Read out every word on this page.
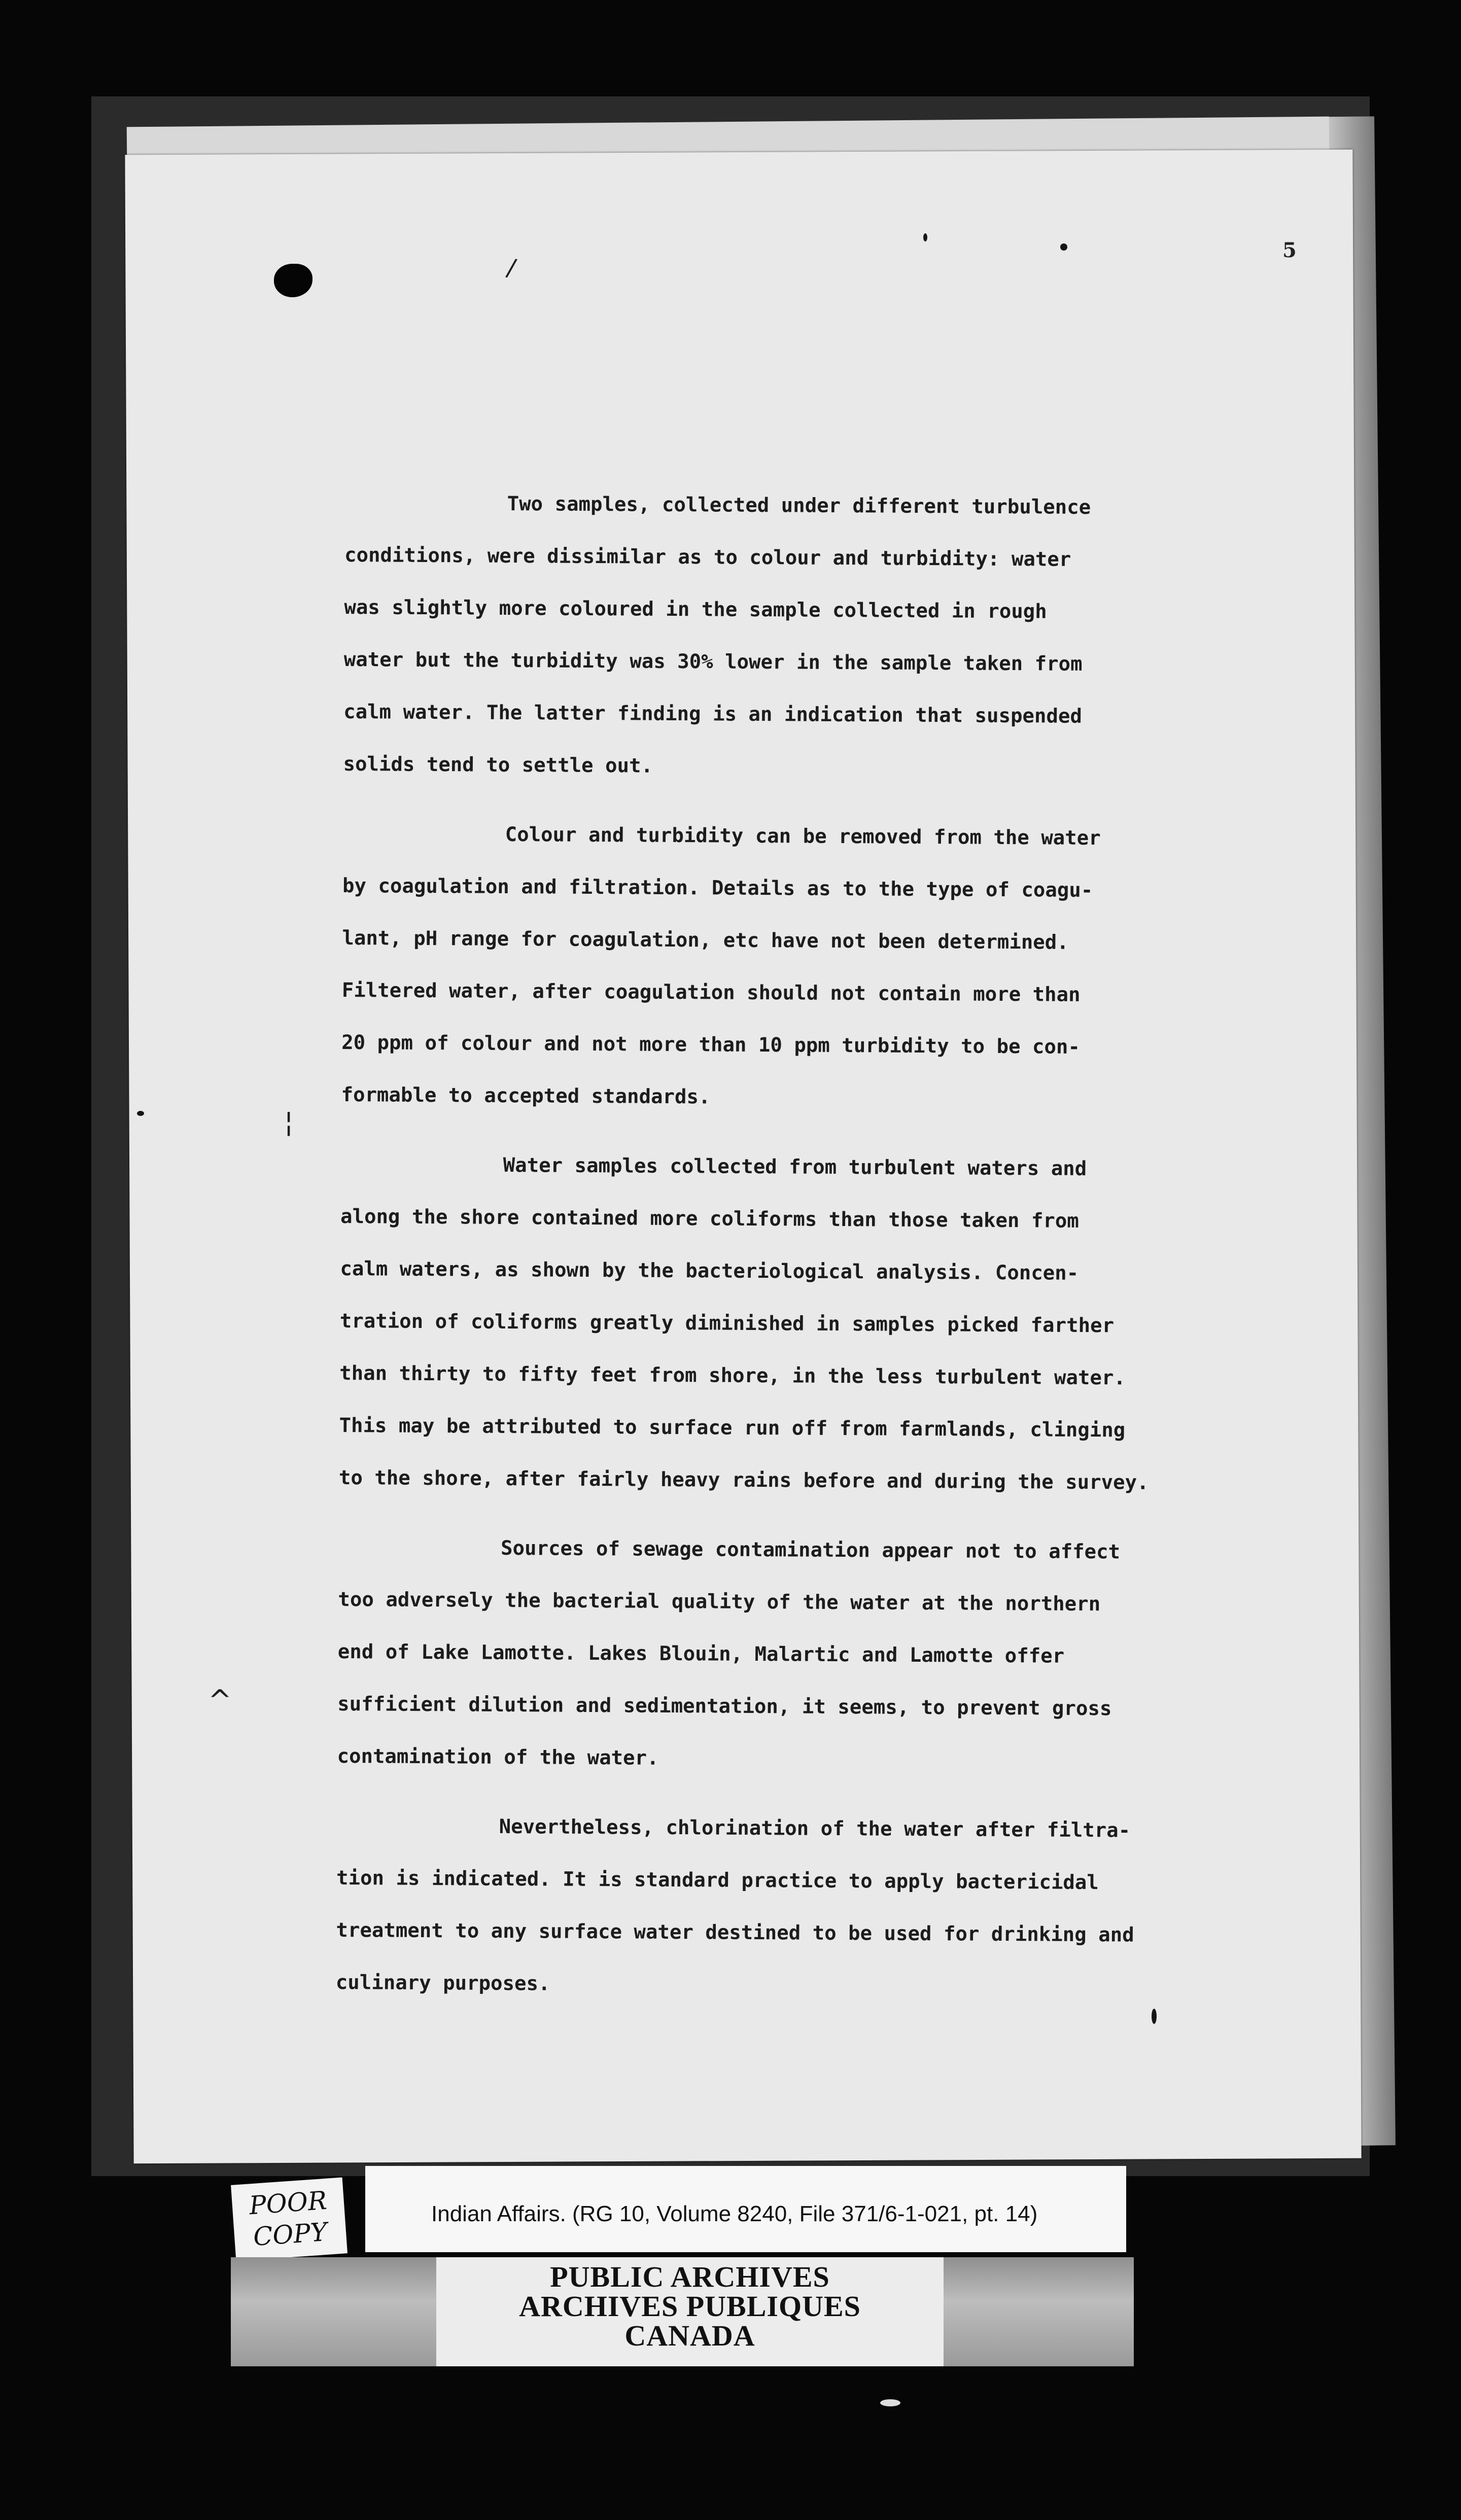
5
/
^
¦

Two samples, collected under different turbulence
conditions, were dissimilar as to colour and turbidity: water
was slightly more coloured in the sample collected in rough
water but the turbidity was 30% lower in the sample taken from
calm water. The latter finding is an indication that suspended
solids tend to settle out.

Colour and turbidity can be removed from the water
by coagulation and filtration. Details as to the type of coagu-
lant, pH range for coagulation, etc have not been determined.
Filtered water, after coagulation should not contain more than
20 ppm of colour and not more than 10 ppm turbidity to be con-
formable to accepted standards.

Water samples collected from turbulent waters and
along the shore contained more coliforms than those taken from
calm waters, as shown by the bacteriological analysis. Concen-
tration of coliforms greatly diminished in samples picked farther
than thirty to fifty feet from shore, in the less turbulent water.
This may be attributed to surface run off from farmlands, clinging
to the shore, after fairly heavy rains before and during the survey.

Sources of sewage contamination appear not to affect
too adversely the bacterial quality of the water at the northern
end of Lake Lamotte. Lakes Blouin, Malartic and Lamotte offer
sufficient dilution and sedimentation, it seems, to prevent gross
contamination of the water.

Nevertheless, chlorination of the water after filtra-
tion is indicated. It is standard practice to apply bactericidal
treatment to any surface water destined to be used for drinking and
culinary purposes.

POOR
COPY
Indian Affairs. (RG 10, Volume 8240, File 371/6-1-021, pt. 14)
PUBLIC ARCHIVES
ARCHIVES PUBLIQUES
CANADA
